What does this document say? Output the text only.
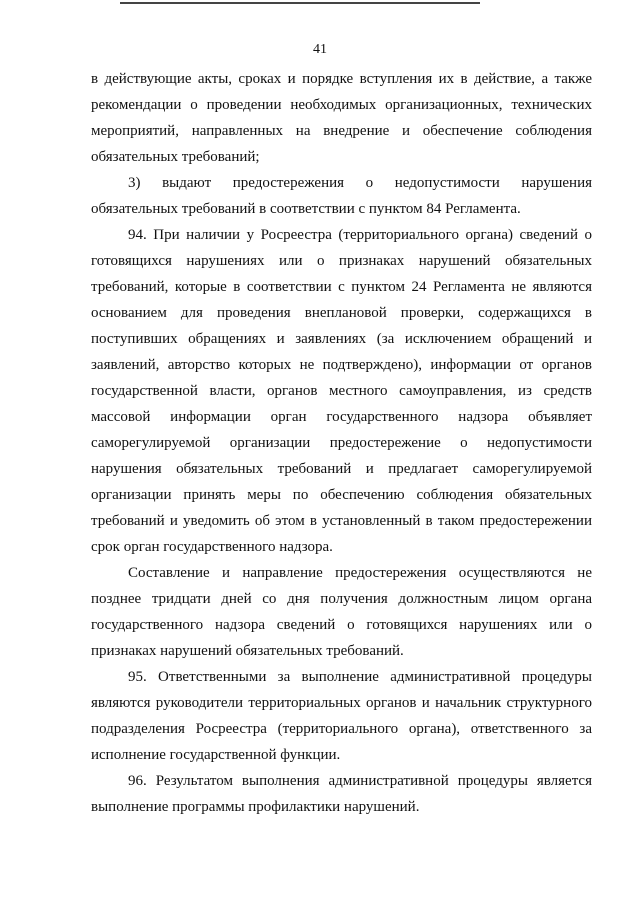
41

в действующие акты, сроках и порядке вступления их в действие, а также рекомендации о проведении необходимых организационных, технических мероприятий, направленных на внедрение и обеспечение соблюдения обязательных требований;

3) выдают предостережения о недопустимости нарушения обязательных требований в соответствии с пунктом 84 Регламента.

94. При наличии у Росреестра (территориального органа) сведений о готовящихся нарушениях или о признаках нарушений обязательных требований, которые в соответствии с пунктом 24 Регламента не являются основанием для проведения внеплановой проверки, содержащихся в поступивших обращениях и заявлениях (за исключением обращений и заявлений, авторство которых не подтверждено), информации от органов государственной власти, органов местного самоуправления, из средств массовой информации орган государственного надзора объявляет саморегулируемой организации предостережение о недопустимости нарушения обязательных требований и предлагает саморегулируемой организации принять меры по обеспечению соблюдения обязательных требований и уведомить об этом в установленный в таком предостережении срок орган государственного надзора.

Составление и направление предостережения осуществляются не позднее тридцати дней со дня получения должностным лицом органа государственного надзора сведений о готовящихся нарушениях или о признаках нарушений обязательных требований.

95. Ответственными за выполнение административной процедуры являются руководители территориальных органов и начальник структурного подразделения Росреестра (территориального органа), ответственного за исполнение государственной функции.

96. Результатом выполнения административной процедуры является выполнение программы профилактики нарушений.
